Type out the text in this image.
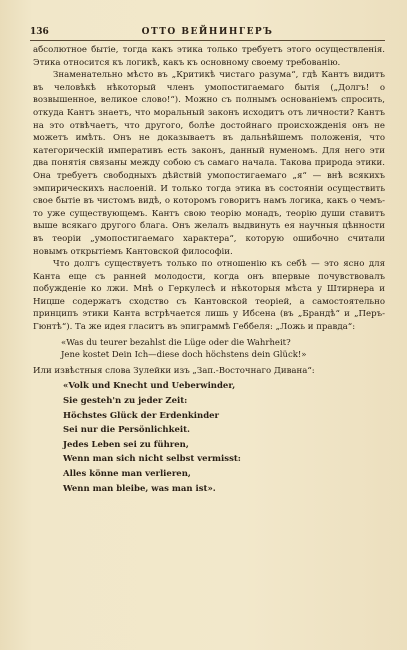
136	ОТТО ВЕЙНИНГЕРЪ

абсолютное бытіе, тогда какъ этика только требуетъ этого осуществленія. Этика относится къ логикѣ, какъ къ основному своему требованію.

Знаменательно мѣсто въ „Критикѣ чистаго разума“, гдѣ Кантъ видитъ въ человѣкѣ нѣкоторый членъ умопостигаемаго бытія („Долгъ! о возвышенное, великое слово!“). Можно съ полнымъ основаніемъ спросить, откуда Кантъ знаетъ, что моральный законъ исходитъ отъ личности? Кантъ на это отвѣчаетъ, что другого, болѣе достойнаго происхожденія онъ не можетъ имѣть. Онъ не доказываетъ въ дальнѣйшемъ положенія, что категорическій императивъ есть законъ, данный нуменомъ. Для него эти два понятія связаны между собою съ самаго начала. Такова природа этики. Она требуетъ свободныхъ дѣйствій умопостигаемаго „я“ — внѣ всякихъ эмпирическихъ наслоеній. И только тогда этика въ состояніи осуществить свое бытіе въ чистомъ видѣ, о которомъ говоритъ намъ логика, какъ о чемъ-то уже существующемъ. Кантъ свою теорію монадъ, теорію души ставитъ выше всякаго другого блага. Онъ желалъ выдвинуть ея научныя цѣнности въ теоріи „умопостигаемаго характера“, которую ошибочно считали новымъ открытіемъ Кантовской философіи.

Что долгъ существуетъ только по отношенію къ себѣ — это ясно для Канта еще съ ранней молодости, когда онъ впервые почувствовалъ побужденіе ко лжи. Мнѣ о Геркулесѣ и нѣкоторыя мѣста у Штирнера и Ницше содержатъ сходство съ Кантовской теоріей, а самостоятельно принципъ этики Канта встрѣчается лишь у Ибсена (въ „Брандѣ“ и „Перъ-Гюнтѣ“). Та же идея гласитъ въ эпиграммѣ Геббеля: „Ложь и правда“:

«Was du teurer bezahlst die Lüge oder die Wahrheit?
Jene kostet Dein Ich—diese doch höchstens dein Glück!»

Или извѣстныя слова Зулейки изъ „Зап.-Восточнаго Дивана“:

«Volk und Knecht und Ueberwinder,
Sie gesteh'n zu jeder Zeit:
Höchstes Glück der Erdenkinder
Sei nur die Persönlichkeit.
Jedes Leben sei zu führen,
Wenn man sich nicht selbst vermisst:
Alles könne man verlieren,
Wenn man bleibe, was man ist».
